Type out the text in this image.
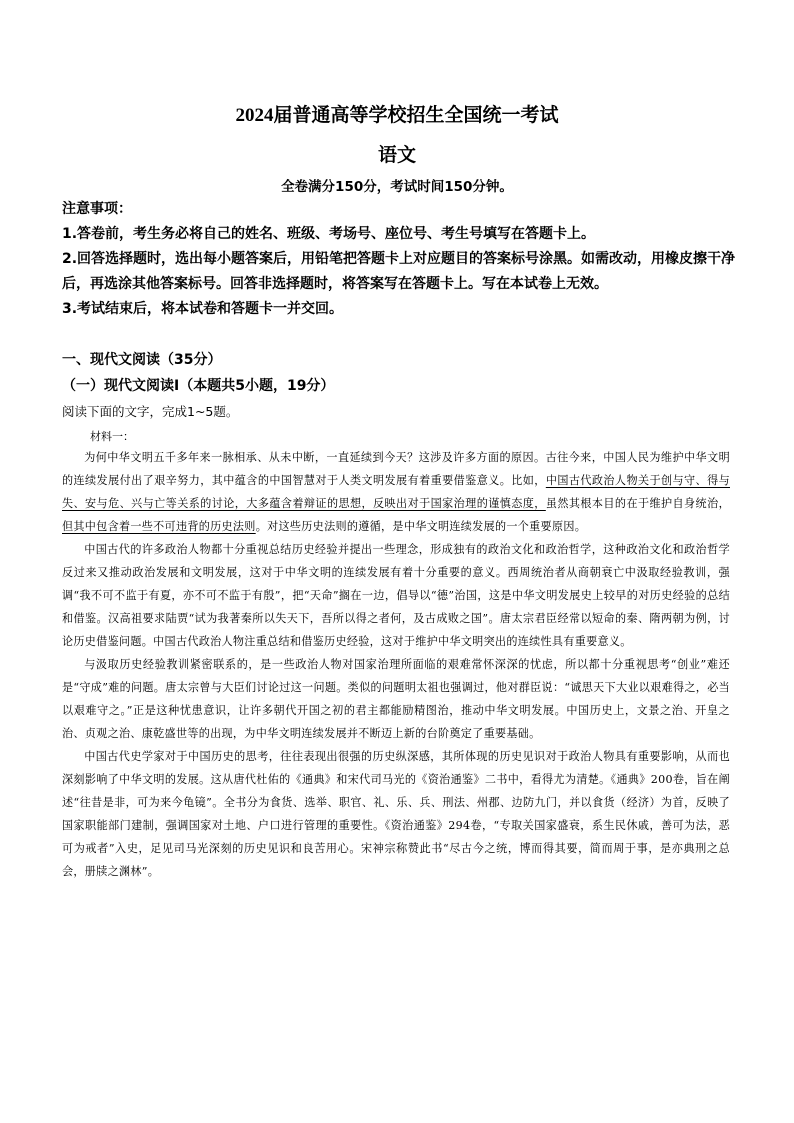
2024届普通高等学校招生全国统一考试
语文
全卷满分150分，考试时间150分钟。

注意事项：

1.答卷前，考生务必将自己的姓名、班级、考场号、座位号、考生号填写在答题卡上。

2.回答选择题时，选出每小题答案后，用铅笔把答题卡上对应题目的答案标号涂黑。如需改动，用橡皮擦干净后，再选涂其他答案标号。回答非选择题时，将答案写在答题卡上。写在本试卷上无效。

3.考试结束后，将本试卷和答题卡一并交回。

一、现代文阅读（35分）
（一）现代文阅读Ⅰ（本题共5小题，19分）
阅读下面的文字，完成1~5题。
材料一：

为何中华文明五千多年来一脉相承、从未中断，一直延续到今天？这涉及许多方面的原因。古往今来，中国人民为维护中华文明的连续发展付出了艰辛努力，其中蕴含的中国智慧对于人类文明发展有着重要借鉴意义。比如，中国古代政治人物关于创与守、得与失、安与危、兴与亡等关系的讨论，大多蕴含着辩证的思想，反映出对于国家治理的谨慎态度，虽然其根本目的在于维护自身统治，但其中包含着一些不可违背的历史法则。对这些历史法则的遵循，是中华文明连续发展的一个重要原因。

中国古代的许多政治人物都十分重视总结历史经验并提出一些理念，形成独有的政治文化和政治哲学，这种政治文化和政治哲学反过来又推动政治发展和文明发展，这对于中华文明的连续发展有着十分重要的意义。西周统治者从商朝衰亡中汲取经验教训，强调“我不可不监于有夏，亦不可不监于有殷”，把“天命”搁在一边，倡导以“德”治国，这是中华文明发展史上较早的对历史经验的总结和借鉴。汉高祖要求陆贾“试为我著秦所以失天下，吾所以得之者何，及古成败之国”。唐太宗君臣经常以短命的秦、隋两朝为例，讨论历史借鉴问题。中国古代政治人物注重总结和借鉴历史经验，这对于维护中华文明突出的连续性具有重要意义。

与汲取历史经验教训紧密联系的，是一些政治人物对国家治理所面临的艰难常怀深深的忧虑，所以都十分重视思考“创业”难还是“守成”难的问题。唐太宗曾与大臣们讨论过这一问题。类似的问题明太祖也强调过，他对群臣说：“诚思天下大业以艰难得之，必当以艰难守之。”正是这种忧患意识，让许多朝代开国之初的君主都能励精图治，推动中华文明发展。中国历史上，文景之治、开皇之治、贞观之治、康乾盛世等的出现，为中华文明连续发展并不断迈上新的台阶奠定了重要基础。

中国古代史学家对于中国历史的思考，往往表现出很强的历史纵深感，其所体现的历史见识对于政治人物具有重要影响，从而也深刻影响了中华文明的发展。这从唐代杜佑的《通典》和宋代司马光的《资治通鉴》二书中，看得尤为清楚。《通典》200卷，旨在阐述“往昔是非，可为来今龟镜”。全书分为食货、选举、职官、礼、乐、兵、刑法、州郡、边防九门，并以食货（经济）为首，反映了国家职能部门建制，强调国家对土地、户口进行管理的重要性。《资治通鉴》294卷，“专取关国家盛衰，系生民休戚，善可为法，恶可为戒者”入史，足见司马光深刻的历史见识和良苦用心。宋神宗称赞此书“尽古今之统，博而得其要，简而周于事，是亦典刑之总会，册牍之渊林”。
